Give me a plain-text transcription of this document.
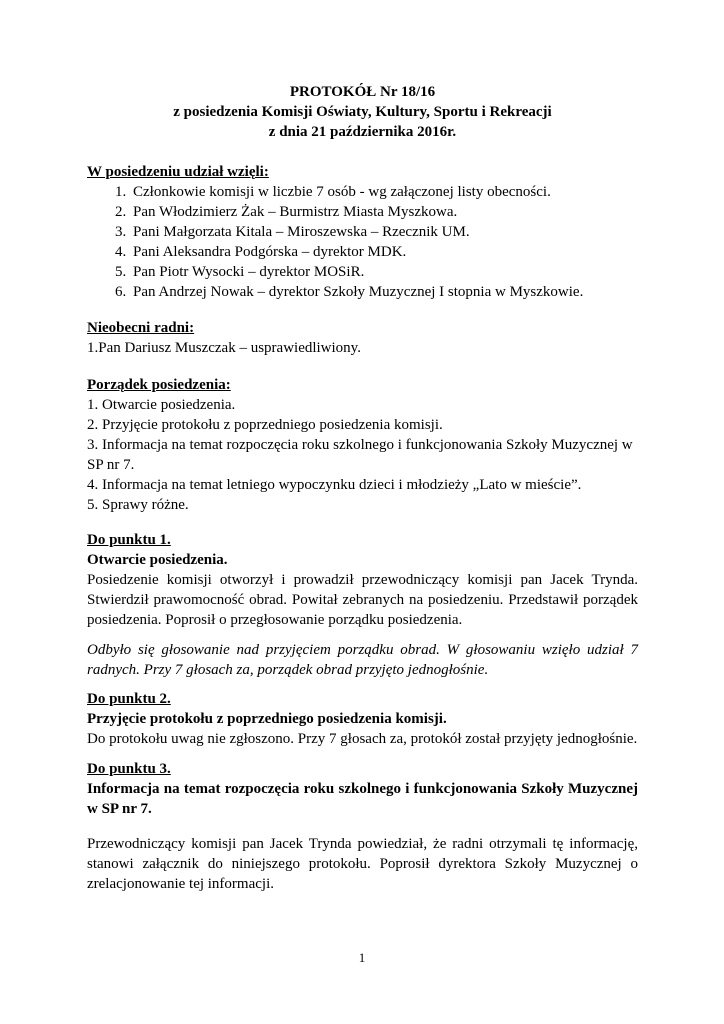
PROTOKÓŁ Nr 18/16
z posiedzenia Komisji Oświaty, Kultury, Sportu i Rekreacji
z dnia 21 października 2016r.
W posiedzeniu udział wzięli:
1. Członkowie komisji w liczbie 7 osób - wg załączonej listy obecności.
2. Pan Włodzimierz Żak – Burmistrz Miasta Myszkowa.
3. Pani Małgorzata Kitala – Miroszewska – Rzecznik UM.
4. Pani Aleksandra Podgórska – dyrektor MDK.
5. Pan Piotr Wysocki – dyrektor MOSiR.
6. Pan Andrzej Nowak – dyrektor Szkoły Muzycznej I stopnia w Myszkowie.
Nieobecni radni:
1.Pan Dariusz Muszczak – usprawiedliwiony.
Porządek posiedzenia:
1. Otwarcie posiedzenia.
2. Przyjęcie protokołu z poprzedniego posiedzenia komisji.
3. Informacja na temat rozpoczęcia roku szkolnego i funkcjonowania Szkoły Muzycznej w SP nr 7.
4. Informacja na temat letniego wypoczynku dzieci i młodzieży „Lato w mieście”.
5. Sprawy różne.
Do punktu 1.
Otwarcie posiedzenia.
Posiedzenie komisji otworzył i prowadził przewodniczący komisji pan Jacek Trynda. Stwierdził prawomocność obrad. Powitał zebranych na posiedzeniu. Przedstawił porządek posiedzenia. Poprosił o przegłosowanie porządku posiedzenia.
Odbyło się głosowanie nad przyjęciem porządku obrad. W głosowaniu wzięło udział 7 radnych. Przy 7 głosach za, porządek obrad przyjęto jednogłośnie.
Do punktu 2.
Przyjęcie protokołu z poprzedniego posiedzenia komisji.
Do protokołu uwag nie zgłoszono. Przy 7 głosach za, protokół został przyjęty jednogłośnie.
Do punktu 3.
Informacja na temat rozpoczęcia roku szkolnego i funkcjonowania Szkoły Muzycznej w SP nr 7.
Przewodniczący komisji pan Jacek Trynda powiedział, że radni otrzymali tę informację, stanowi załącznik do niniejszego protokołu. Poprosił dyrektora Szkoły Muzycznej o zrelacjonowanie tej informacji.
1
